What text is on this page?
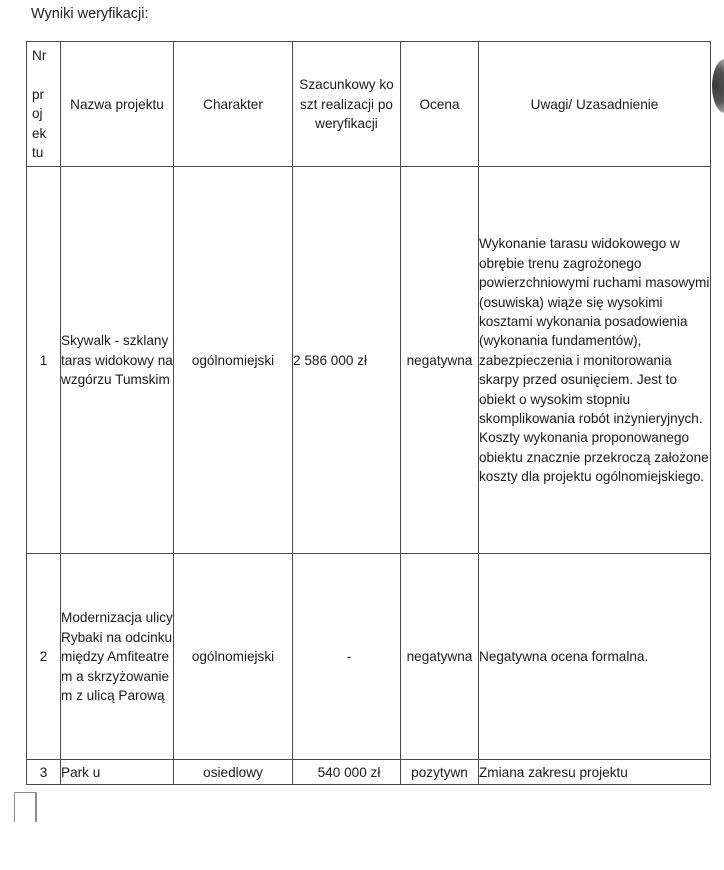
Wyniki weryfikacji:
Nr
pr
oj
ek
tu	Nazwa projektu	Charakter	Szacunkowy koszt realizacji po weryfikacji	Ocena	Uwagi/ Uzasadnienie

1	Skywalk - szklany taras widokowy na wzgórzu Tumskim	ogólnomiejski	2 586 000 zł	negatywna	Wykonanie tarasu widokowego w obrębie trenu zagrożonego powierzchniowymi ruchami masowymi (osuwiska) wiąże się wysokimi kosztami wykonania posadowienia (wykonania fundamentów), zabezpieczenia i monitorowania skarpy przed osunięciem. Jest to obiekt o wysokim stopniu skomplikowania robót inżynieryjnych. Koszty wykonania proponowanego obiektu znacznie przekroczą założone koszty dla projektu ogólnomiejskiego.
2	Modernizacja ulicy Rybaki na odcinku między Amfiteatrem a skrzyżowaniem z ulicą Parową	ogólnomiejski	-	negatywna	Negatywna ocena formalna.
3	Park u	osiedlowy	540 000 zł	pozytywn	Zmiana zakresu projektu
